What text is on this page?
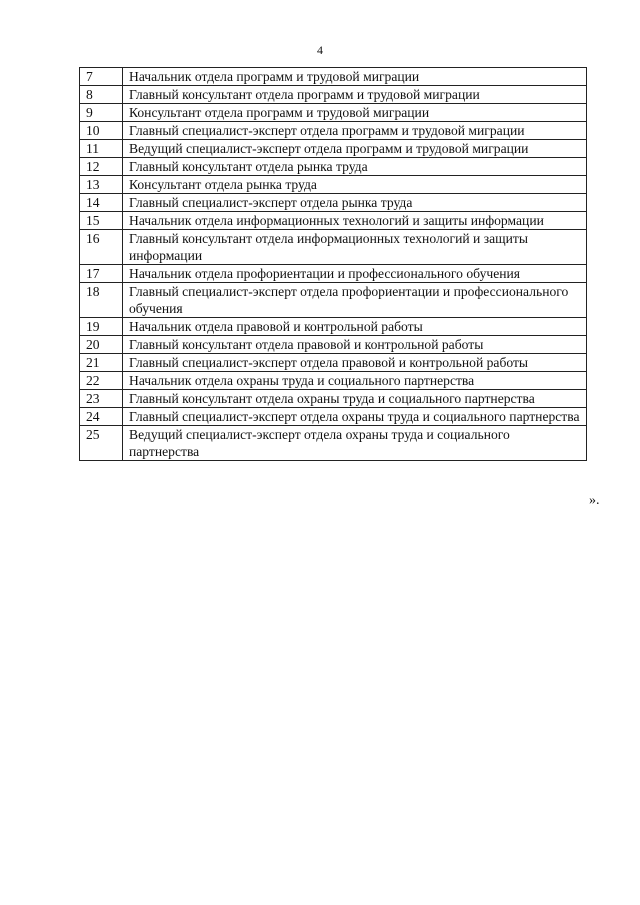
4
7	Начальник отдела программ и трудовой миграции
8	Главный консультант отдела программ и трудовой миграции
9	Консультант отдела программ и трудовой миграции
10	Главный специалист-эксперт отдела программ и трудовой миграции
11	Ведущий специалист-эксперт отдела программ и трудовой миграции
12	Главный консультант отдела рынка труда
13	Консультант отдела рынка труда
14	Главный специалист-эксперт отдела рынка труда
15	Начальник отдела информационных технологий и защиты информации
16	Главный консультант отдела информационных технологий и защиты информации
17	Начальник отдела профориентации и профессионального обучения
18	Главный специалист-эксперт отдела профориентации и профессионального обучения
19	Начальник отдела правовой и контрольной работы
20	Главный консультант отдела правовой и контрольной работы
21	Главный специалист-эксперт отдела правовой и контрольной работы
22	Начальник отдела охраны труда и социального партнерства
23	Главный консультант отдела охраны труда и социального партнерства
24	Главный специалист-эксперт отдела охраны труда и социального партнерства
25	Ведущий специалист-эксперт отдела охраны труда и социального партнерства
».
